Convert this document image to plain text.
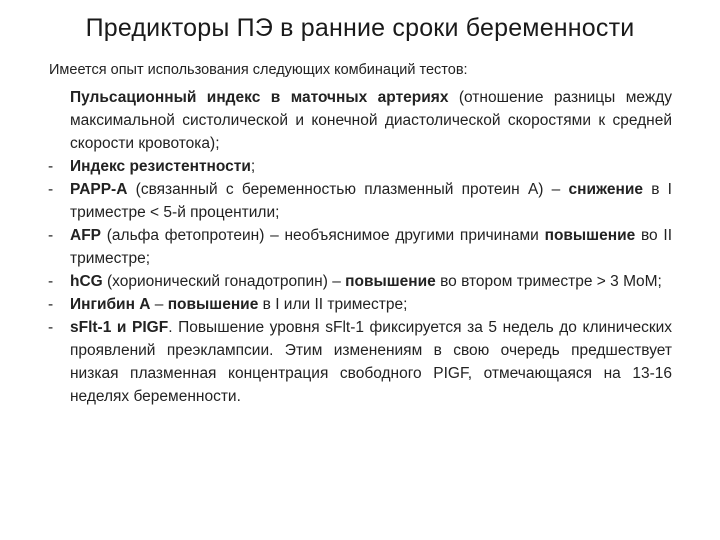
Предикторы ПЭ в ранние сроки беременности
Имеется опыт использования следующих комбинаций тестов:
Пульсационный индекс в маточных артериях (отношение разницы между максимальной систолической и конечной диастолической скоростями к средней скорости кровотока);
-	Индекс резистентности;
-	PAPP-A (связанный с беременностью плазменный протеин А) – снижение в I триместре < 5-й процентили;
-	AFP (альфа фетопротеин) – необъяснимое другими причинами повышение во II триместре;
-	hCG (хорионический гонадотропин) – повышение во втором триместре > 3 MoM;
-	Ингибин А – повышение в I или II триместре;
-	sFlt-1 и PIGF. Повышение уровня sFlt-1 фиксируется за 5 недель до клинических проявлений преэклампсии. Этим изменениям в свою очередь предшествует низкая плазменная концентрация свободного PIGF, отмечающаяся на 13-16 неделях беременности.
